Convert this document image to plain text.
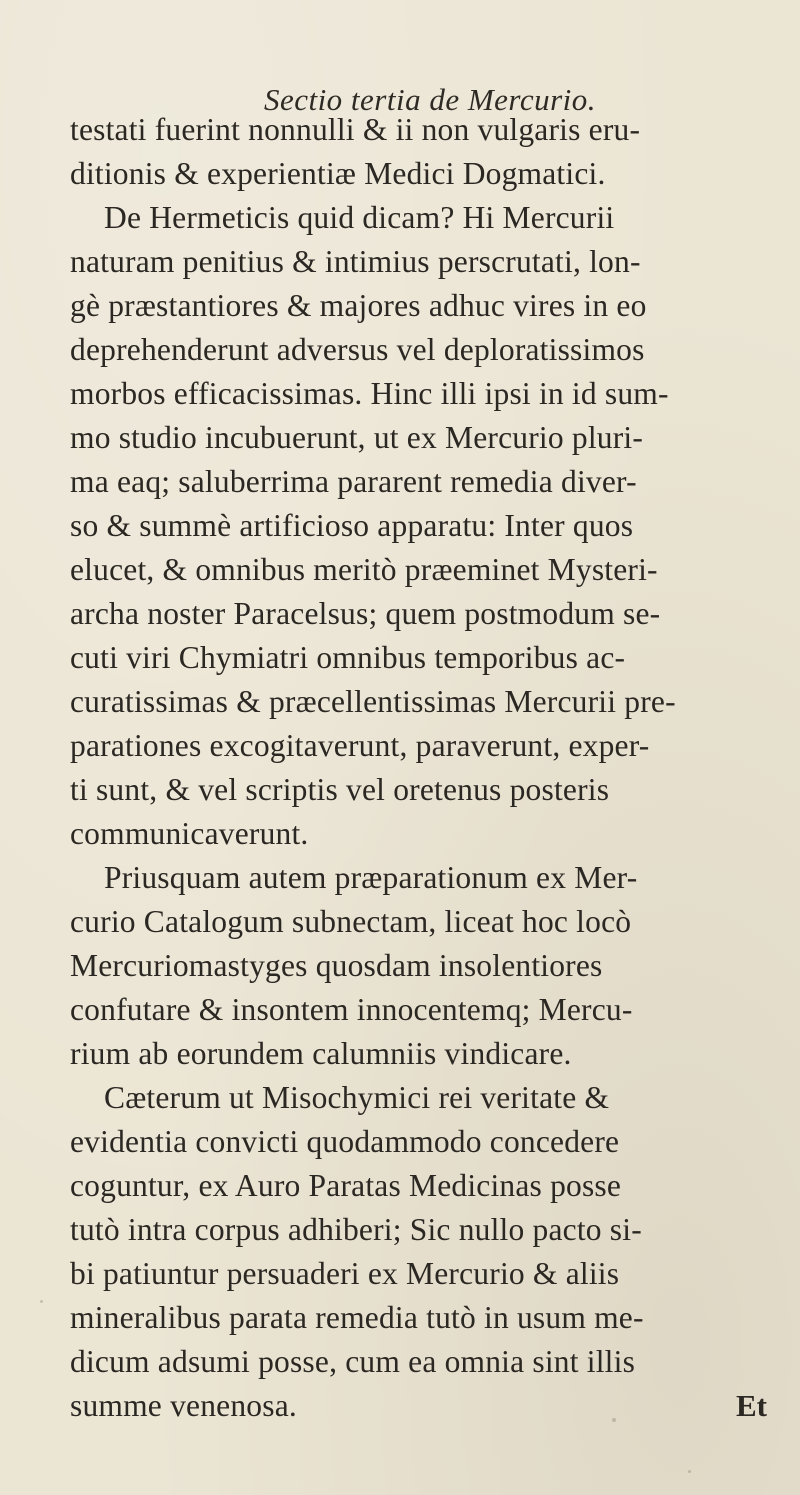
Sectio tertia de Mercurio.
testati fuerint nonnulli & ii non vulgaris eru-
ditionis & experientiæ Medici Dogmatici.
De Hermeticis quid dicam? Hi Mercurii
naturam penitius & intimius perscrutati, lon-
gè præstantiores & majores adhuc vires in eo
deprehenderunt adversus vel deploratissimos
morbos efficacissimas. Hinc illi ipsi in id sum-
mo studio incubuerunt, ut ex Mercurio pluri-
ma eaq; saluberrima pararent remedia diver-
so & summè artificioso apparatu: Inter quos
elucet, & omnibus meritò præeminet Mysteri-
archa noster Paracelsus; quem postmodum se-
cuti viri Chymiatri omnibus temporibus ac-
curatissimas & præcellentissimas Mercurii pre-
parationes excogitaverunt, paraverunt, exper-
ti sunt, & vel scriptis vel oretenus posteris
communicaverunt.
Priusquam autem præparationum ex Mer-
curio Catalogum subnectam, liceat hoc locò
Mercuriomastyges quosdam insolentiores
confutare & insontem innocentemq; Mercu-
rium ab eorundem calumniis vindicare.
Cæterum ut Misochymici rei veritate &
evidentia convicti quodammodo concedere
coguntur, ex Auro Paratas Medicinas posse
tutò intra corpus adhiberi; Sic nullo pacto si-
bi patiuntur persuaderi ex Mercurio & aliis
mineralibus parata remedia tutò in usum me-
dicum adsumi posse, cum ea omnia sint illis
summe venenosa.	Et
